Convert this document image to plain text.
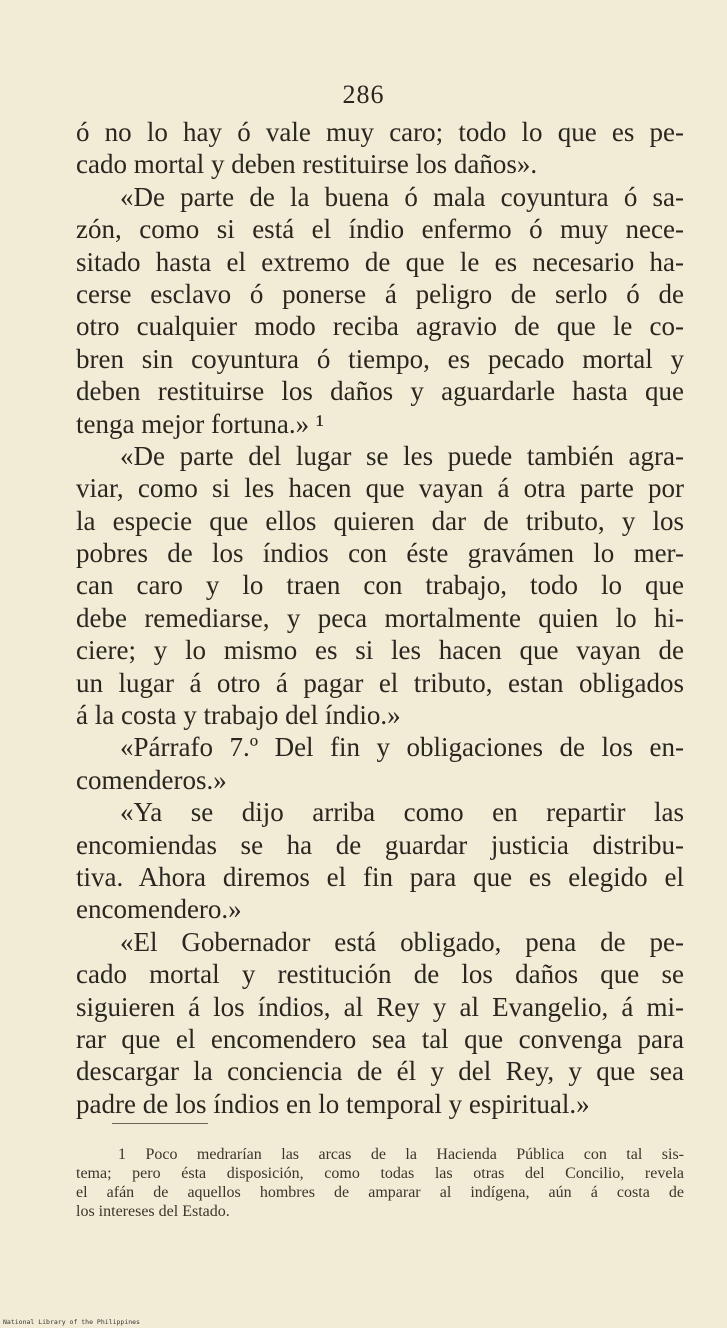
286
ó no lo hay ó vale muy caro; todo lo que es pe-
cado mortal y deben restituirse los daños».
«De parte de la buena ó mala coyuntura ó sa-
zón, como si está el índio enfermo ó muy nece-
sitado hasta el extremo de que le es necesario ha-
cerse esclavo ó ponerse á peligro de serlo ó de
otro cualquier modo reciba agravio de que le co-
bren sin coyuntura ó tiempo, es pecado mortal y
deben restituirse los daños y aguardarle hasta que
tenga mejor fortuna.» ¹
«De parte del lugar se les puede también agra-
viar, como si les hacen que vayan á otra parte por
la especie que ellos quieren dar de tributo, y los
pobres de los índios con éste gravámen lo mer-
can caro y lo traen con trabajo, todo lo que
debe remediarse, y peca mortalmente quien lo hi-
ciere; y lo mismo es si les hacen que vayan de
un lugar á otro á pagar el tributo, estan obligados
á la costa y trabajo del índio.»
«Párrafo 7.º Del fin y obligaciones de los en-
comenderos.»
«Ya se dijo arriba como en repartir las
encomiendas se ha de guardar justicia distribu-
tiva. Ahora diremos el fin para que es elegido el
encomendero.»
«El Gobernador está obligado, pena de pe-
cado mortal y restitución de los daños que se
siguieren á los índios, al Rey y al Evangelio, á mi-
rar que el encomendero sea tal que convenga para
descargar la conciencia de él y del Rey, y que sea
padre de los índios en lo temporal y espiritual.»
1 Poco medrarían las arcas de la Hacienda Pública con tal sis-
tema; pero ésta disposición, como todas las otras del Concilio, revela
el afán de aquellos hombres de amparar al indígena, aún á costa de
los intereses del Estado.
National Library of the Philippines
